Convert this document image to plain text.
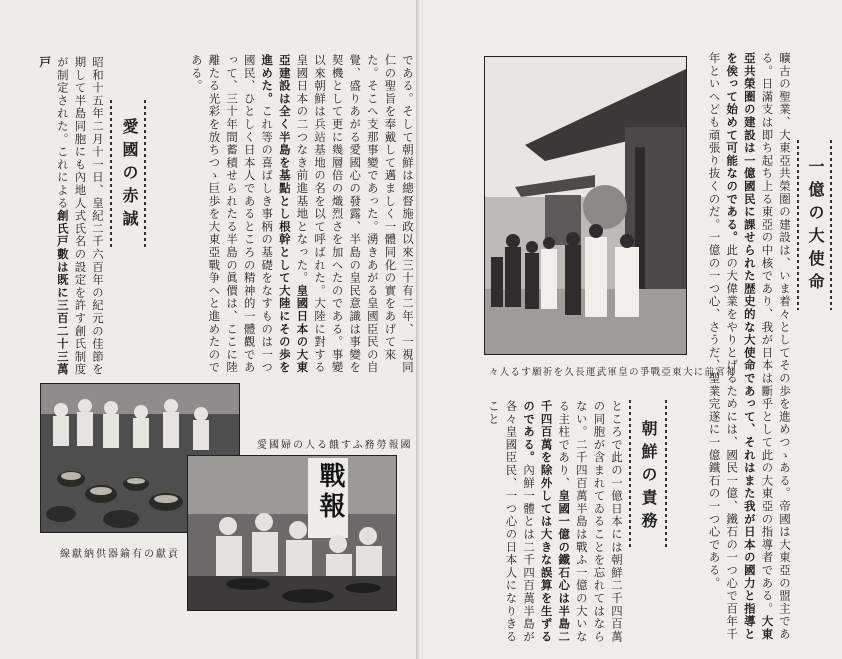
である。そして朝鮮は總督施政以來三十有二年、一視同仁の聖旨を奉戴して邁ましく一體同化の實をあげて來た。そこへ支那事變であった。湧きあがる皇國臣民の自覺、盛りあがる愛國心の發露、半島の皇民意識は事變を契機として更に幾層倍の熾烈さを加へたのである。事變以來朝鮮は兵站基地の名を以て呼ばれた。大陸に對する皇國日本の二つなき前進基地となった。皇國日本の大東亞建設は全く半島を基點とし根幹として大陸にその歩を進めた。これ等の喜ばしき事柄の基礎をなすものは一つ國民、ひとしく日本人であるところの精神的一體觀であって、三十年間蓄積せられたる半島の眞價は、ここに陸離たる光彩を放ちつゝ巨歩を大東亞戰争へと進めたのである。
愛國の赤誠
昭和十五年二月十一日、皇紀二千六百年の紀元の佳節を期して半島同胞にも內地人式氏名の設定を許す創氏制度が制定された。これによる創氏戸數は既に三百二十三萬戸
戰報
國報勞務ふす餓る人の婦國愛
貢獻の有鍮器供納獻線
神宮前に大東亞戰爭の皇軍武運長久を祈願する人々
一億の大使命
曠古の聖業、大東亞共榮圏の建設は、いま着々としてその歩を進めつゝある。帝國は大東亞の盟主である。日滿支は即ち起ち上る東亞の中核であり、我が日本は斷乎として此の大東亞の指導者である。大東亞共榮圏の建設は一億國民に課せられた歴史的な大使命であって、それはまた我が日本の國力と指導とを俟って始めて可能なのである。此の大偉業をやりとげるためには、國民一億、鐵石の一つ心で百年千年といへども頑張り抜くのだ。一億の一つ心、さうだ、聖業完遂に一億鐵石の一つ心である。
朝鮮の責務
ところで此の一億日本には朝鮮二千四百萬の同胞が含まれてゐることを忘れてはならない。二千四百萬半島は戰ふ一億の大いなる主柱であり、皇國一億の鐵石心は半島二千四百萬を除外しては大きな誤算を生ずるのである。內鮮一體とは二千四百萬半島が各々皇國臣民、一つ心の日本人になりきること
